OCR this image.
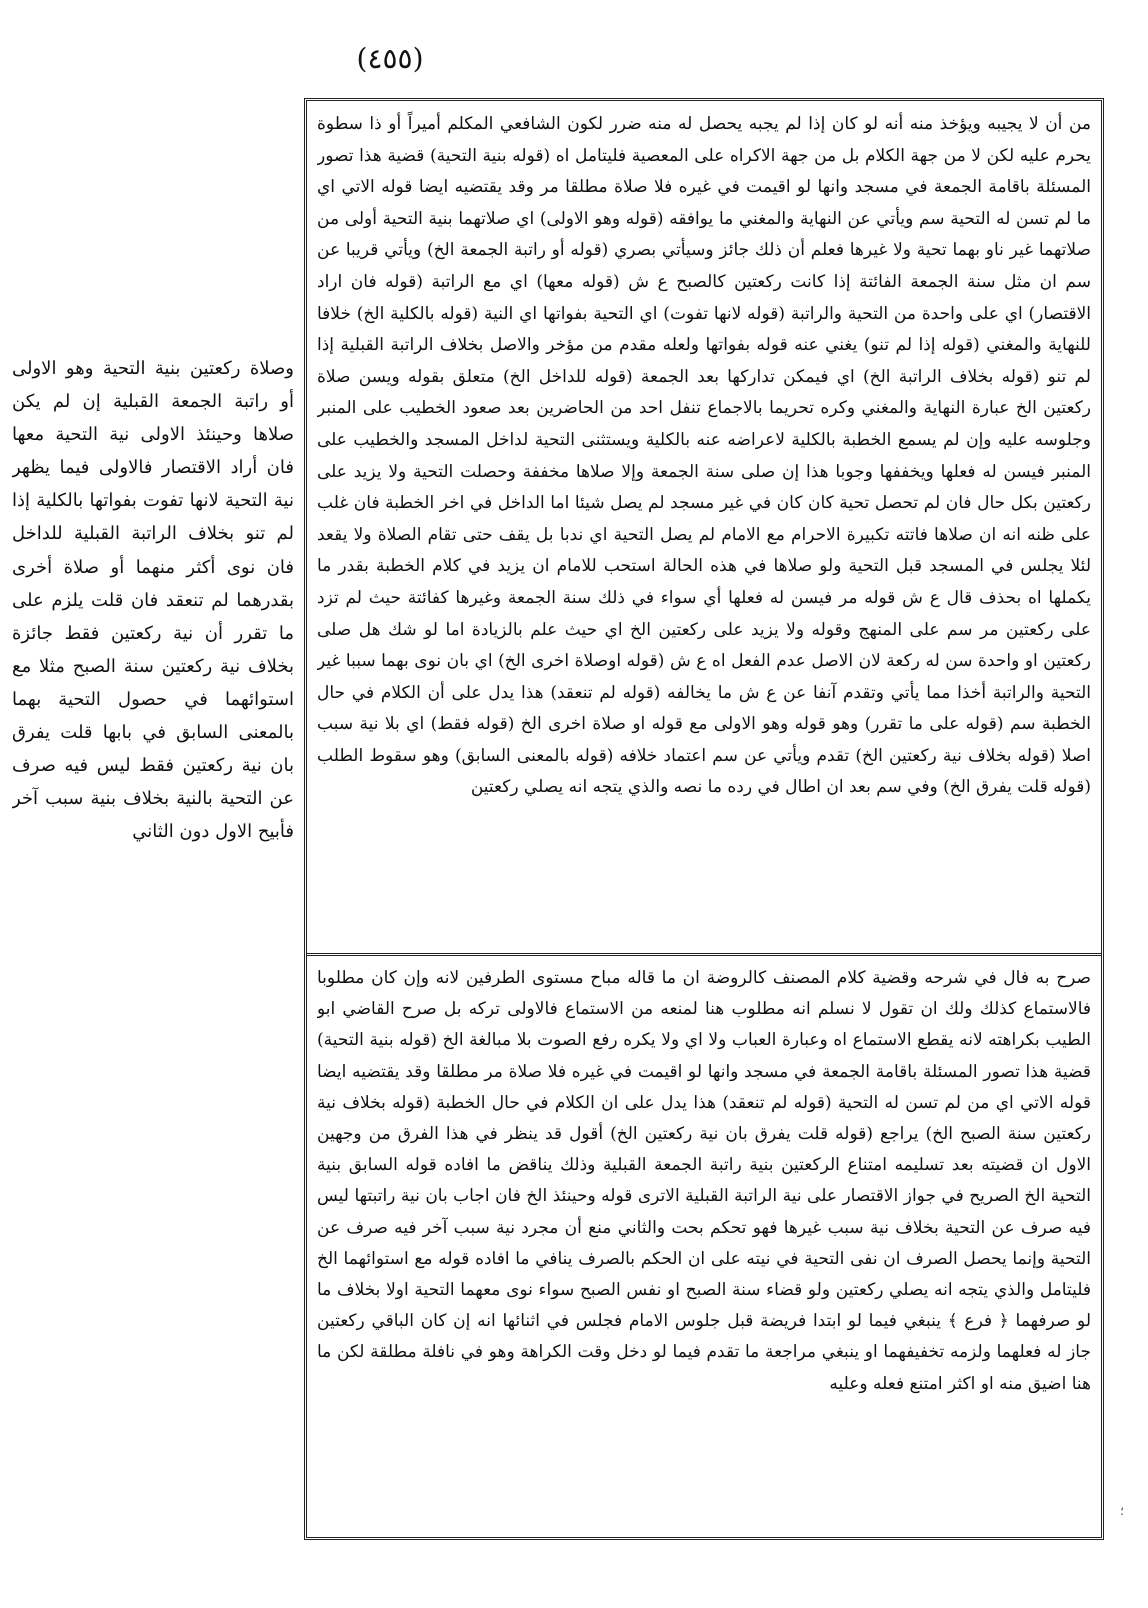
(٤٥٥)
وصلاة ركعتين بنية التحية وهو الاولى أو راتبة الجمعة القبلية إن لم يكن صلاها وحينئذ الاولى نية التحية معها فان أراد الاقتصار فالاولى فيما يظهر نية التحية لانها تفوت بفواتها بالكلية إذا لم تنو بخلاف الراتبة القبلية للداخل فان نوى أكثر منهما أو صلاة أخرى بقدرهما لم تنعقد فان قلت يلزم على ما تقرر أن نية ركعتين فقط جائزة بخلاف نية ركعتين سنة الصبح مثلا مع استوائهما في حصول التحية بهما بالمعنى السابق في بابها قلت يفرق بان نية ركعتين فقط ليس فيه صرف عن التحية بالنية بخلاف بنية سبب آخر فأبيح الاول دون الثاني
من أن لا يجيبه ويؤخذ منه أنه لو كان إذا لم يجبه يحصل له منه ضرر لكون الشافعي المكلم أميراً أو ذا سطوة يحرم عليه لكن لا من جهة الكلام بل من جهة الاكراه على المعصية فليتامل اه (قوله بنية التحية) قضية هذا تصور المسئلة باقامة الجمعة في مسجد وانها لو اقيمت في غيره فلا صلاة مطلقا مر وقد يقتضيه ايضا قوله الاتي اي ما لم تسن له التحية سم ويأتي عن النهاية والمغني ما يوافقه (قوله وهو الاولى) اي صلاتهما بنية التحية أولى من صلاتهما غير ناو بهما تحية ولا غيرها فعلم أن ذلك جائز وسيأتي بصري (قوله أو راتبة الجمعة الخ) ويأتي قريبا عن سم ان مثل سنة الجمعة الفائتة إذا كانت ركعتين كالصبح ع ش (قوله معها) اي مع الراتبة (قوله فان اراد الاقتصار) اي على واحدة من التحية والراتبة (قوله لانها تفوت) اي التحية بفواتها اي النية (قوله بالكلية الخ) خلافا للنهاية والمغني (قوله إذا لم تنو) يغني عنه قوله بفواتها ولعله مقدم من مؤخر والاصل بخلاف الراتبة القبلية إذا لم تنو (قوله بخلاف الراتبة الخ) اي فيمكن تداركها بعد الجمعة (قوله للداخل الخ) متعلق بقوله ويسن صلاة ركعتين الخ عبارة النهاية والمغني وكره تحريما بالاجماع تنفل احد من الحاضرين بعد صعود الخطيب على المنبر وجلوسه عليه وإن لم يسمع الخطبة بالكلية لاعراضه عنه بالكلية ويستثنى التحية لداخل المسجد والخطيب على المنبر فيسن له فعلها ويخففها وجوبا هذا إن صلى سنة الجمعة وإلا صلاها مخففة وحصلت التحية ولا يزيد على ركعتين بكل حال فان لم تحصل تحية كان كان في غير مسجد لم يصل شيئا اما الداخل في اخر الخطبة فان غلب على ظنه انه ان صلاها فاتته تكبيرة الاحرام مع الامام لم يصل التحية اي ندبا بل يقف حتى تقام الصلاة ولا يقعد لئلا يجلس في المسجد قبل التحية ولو صلاها في هذه الحالة استحب للامام ان يزيد في كلام الخطبة بقدر ما يكملها اه بحذف قال ع ش قوله مر فيسن له فعلها أي سواء في ذلك سنة الجمعة وغيرها كفائتة حيث لم تزد على ركعتين مر سم على المنهج وقوله ولا يزيد على ركعتين الخ اي حيث علم بالزيادة اما لو شك هل صلى ركعتين او واحدة سن له ركعة لان الاصل عدم الفعل اه ع ش (قوله اوصلاة اخرى الخ) اي بان نوى بهما سببا غير التحية والراتبة أخذا مما يأتي وتقدم آنفا عن ع ش ما يخالفه (قوله لم تنعقد) هذا يدل على أن الكلام في حال الخطبة سم (قوله على ما تقرر) وهو قوله وهو الاولى مع قوله او صلاة اخرى الخ (قوله فقط) اي بلا نية سبب اصلا (قوله بخلاف نية ركعتين الخ) تقدم ويأتي عن سم اعتماد خلافه (قوله بالمعنى السابق) وهو سقوط الطلب (قوله قلت يفرق الخ) وفي سم بعد ان اطال في رده ما نصه والذي يتجه انه يصلي ركعتين
صرح به فال في شرحه وقضية كلام المصنف كالروضة ان ما قاله مباح مستوى الطرفين لانه وإن كان مطلوبا فالاستماع كذلك ولك ان تقول لا نسلم انه مطلوب هنا لمنعه من الاستماع فالاولى تركه بل صرح القاضي ابو الطيب بكراهته لانه يقطع الاستماع اه وعبارة العباب ولا اي ولا يكره رفع الصوت بلا مبالغة الخ (قوله بنية التحية) قضية هذا تصور المسئلة باقامة الجمعة في مسجد وانها لو اقيمت في غيره فلا صلاة مر مطلقا وقد يقتضيه ايضا قوله الاتي اي من لم تسن له التحية (قوله لم تنعقد) هذا يدل على ان الكلام في حال الخطبة (قوله بخلاف نية ركعتين سنة الصبح الخ) يراجع (قوله قلت يفرق بان نية ركعتين الخ) أقول قد ينظر في هذا الفرق من وجهين الاول ان قضيته بعد تسليمه امتناع الركعتين بنية راتبة الجمعة القبلية وذلك يناقض ما افاده قوله السابق بنية التحية الخ الصريح في جواز الاقتصار على نية الراتبة القبلية الاترى قوله وحينئذ الخ فان اجاب بان نية راتبتها ليس فيه صرف عن التحية بخلاف نية سبب غيرها فهو تحكم بحت والثاني منع أن مجرد نية سبب آخر فيه صرف عن التحية وإنما يحصل الصرف ان نفى التحية في نيته على ان الحكم بالصرف ينافي ما افاده قوله مع استوائهما الخ فليتامل والذي يتجه انه يصلي ركعتين ولو قضاء سنة الصبح او نفس الصبح سواء نوى معهما التحية اولا بخلاف ما لو صرفهما ﴿ فرع ﴾ ينبغي فيما لو ابتدا فريضة قبل جلوس الامام فجلس في اثنائها انه إن كان الباقي ركعتين جاز له فعلهما ولزمه تخفيفهما او ينبغي مراجعة ما تقدم فيما لو دخل وقت الكراهة وهو في نافلة مطلقة لكن ما هنا اضيق منه او اكثر امتنع فعله وعليه
؛
